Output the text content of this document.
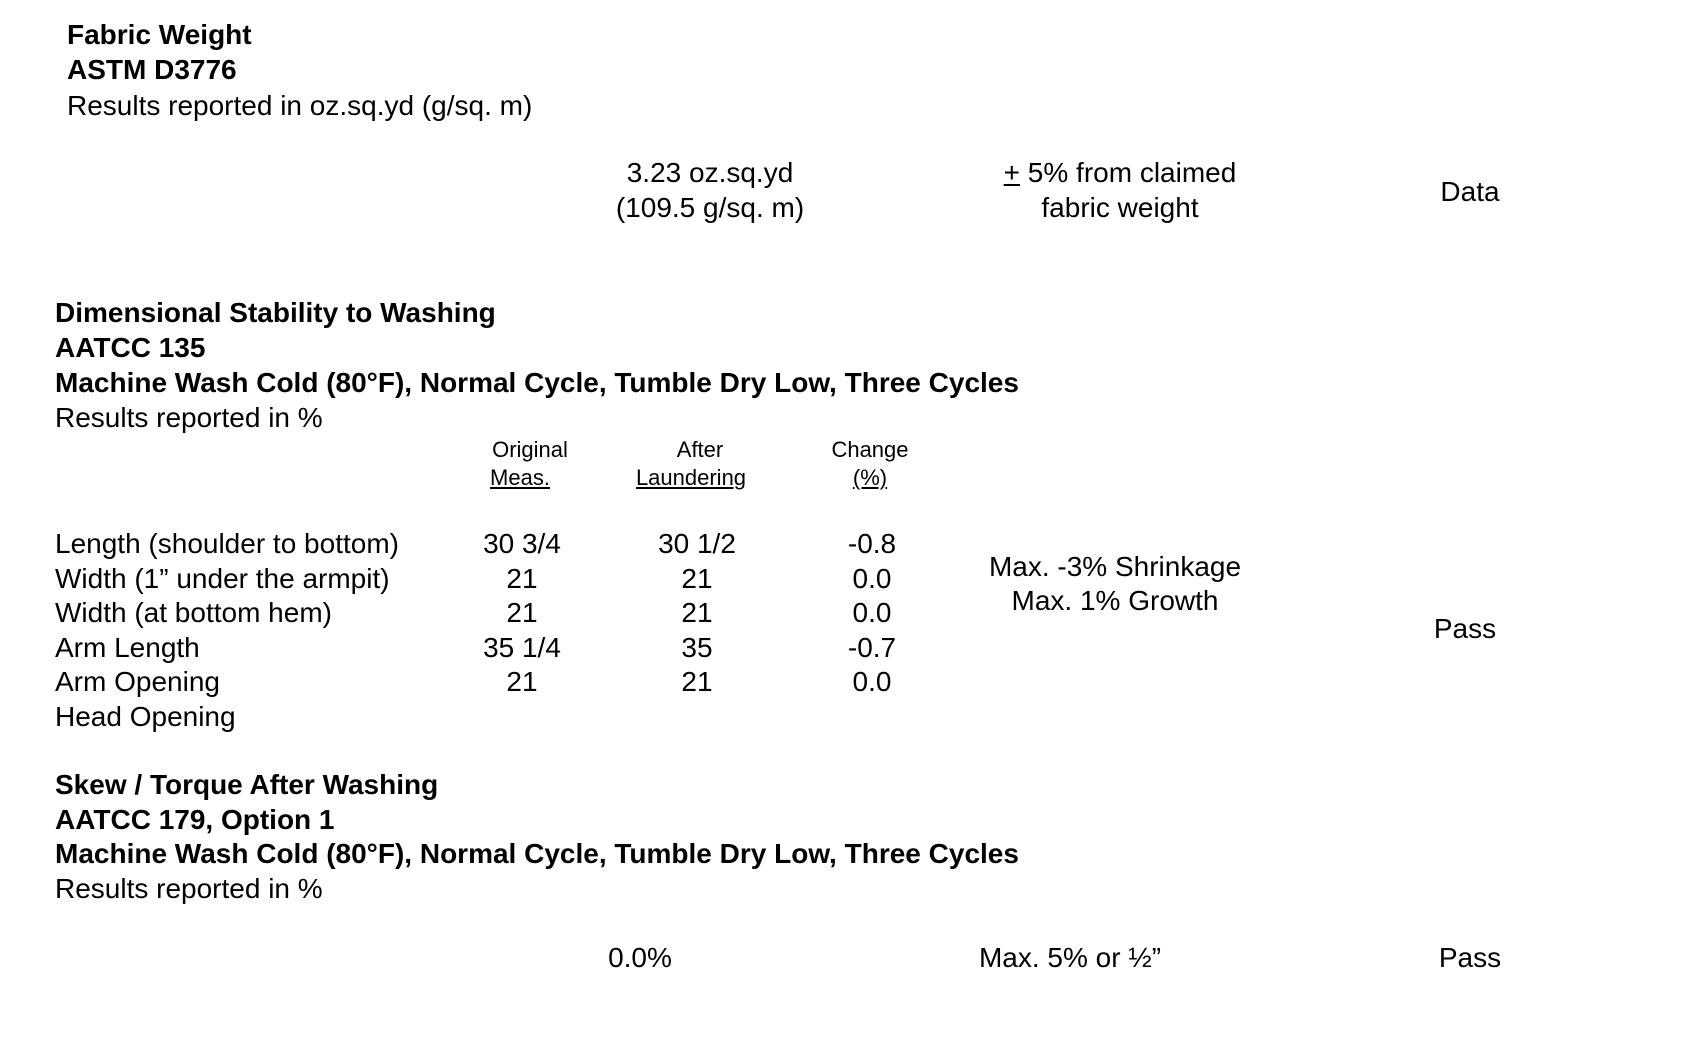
Fabric Weight
ASTM D3776
Results reported in oz.sq.yd (g/sq. m)
3.23 oz.sq.yd
(109.5 g/sq. m)
+ 5% from claimed
fabric weight
Data
Dimensional Stability to Washing
AATCC 135
Machine Wash Cold (80°F), Normal Cycle, Tumble Dry Low, Three Cycles
Results reported in %
Original
Meas.
After
Laundering
Change
(%)
Length (shoulder to bottom)
Width (1” under the armpit)
Width (at bottom hem)
Arm Length
Arm Opening
Head Opening
30 3/4
21
21
35 1/4
21
30 1/2
21
21
35
21
-0.8
0.0
0.0
-0.7
0.0
Max. -3% Shrinkage
Max. 1% Growth
Pass
Skew / Torque After Washing
AATCC 179, Option 1
Machine Wash Cold (80°F), Normal Cycle, Tumble Dry Low, Three Cycles
Results reported in %
0.0%	Max. 5% or ½”	Pass
